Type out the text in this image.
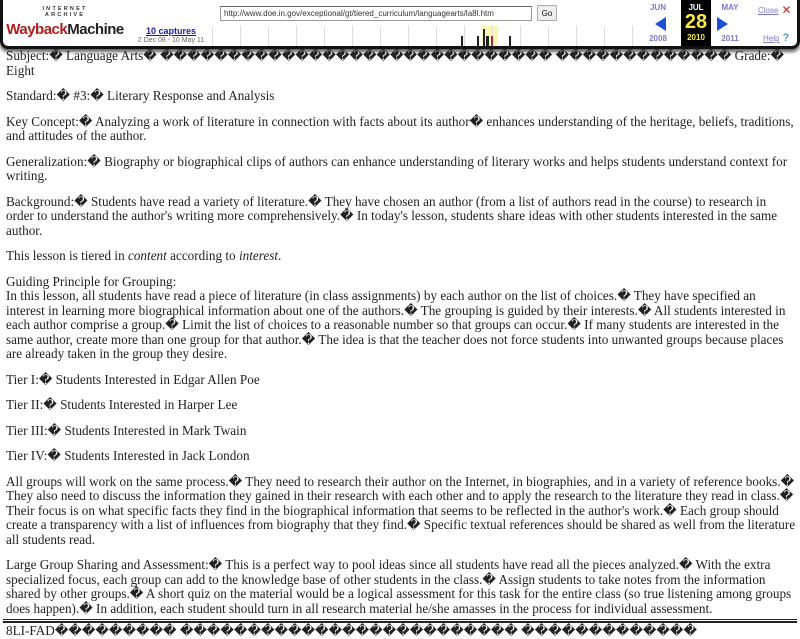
INTERNET ARCHIVE
Wayback Machine
http://www.doe.in.gov/exceptional/gt/tiered_curriculum/languagearts/la8l.htm
Go
10 captures
2 Dec 08 - 10 May 11
JUN
2008
JUL
28
2010
MAY
2011
Close ✕
Help ?

Subject:� Language Arts� ����������������������������� ������������� Grade:� Eight

Standard:� #3:� Literary Response and Analysis

Key Concept:� Analyzing a work of literature in connection with facts about its author� enhances understanding of the heritage, beliefs, traditions, and attitudes of the author.

Generalization:� Biography or biographical clips of authors can enhance understanding of literary works and helps students understand context for writing.

Background:� Students have read a variety of literature.� They have chosen an author (from a list of authors read in the course) to research in order to understand the author's writing more comprehensively.� In today's lesson, students share ideas with other students interested in the same author.

This lesson is tiered in content according to interest.

Guiding Principle for Grouping:
In this lesson, all students have read a piece of literature (in class assignments) by each author on the list of choices.� They have specified an interest in learning more biographical information about one of the authors.� The grouping is guided by their interests.� All students interested in each author comprise a group.� Limit the list of choices to a reasonable number so that groups can occur.� If many students are interested in the same author, create more than one group for that author.� The idea is that the teacher does not force students into unwanted groups because places are already taken in the group they desire.

Tier I:� Students Interested in Edgar Allen Poe

Tier II:� Students Interested in Harper Lee

Tier III:� Students Interested in Mark Twain

Tier IV:� Students Interested in Jack London

All groups will work on the same process.� They need to research their author on the Internet, in biographies, and in a variety of reference books.� They also need to discuss the information they gained in their research with each other and to apply the research to the literature they read in class.� Their focus is on what specific facts they find in the biographical information that seems to be reflected in the author's work.� Each group should create a transparency with a list of influences from biography that they find.� Specific textual references should be shared as well from the literature all students read.

Large Group Sharing and Assessment:� This is a perfect way to pool ideas since all students have read all the pieces analyzed.� With the extra specialized focus, each group can add to the knowledge base of other students in the class.� Assign students to take notes from the information shared by other groups.� A short quiz on the material would be a logical assessment for this task for the entire class (so true listening among groups does happen).� In addition, each student should turn in all research material he/she amasses in the process for individual assessment.

8LI-FAD��������� ������������������������� �������������
